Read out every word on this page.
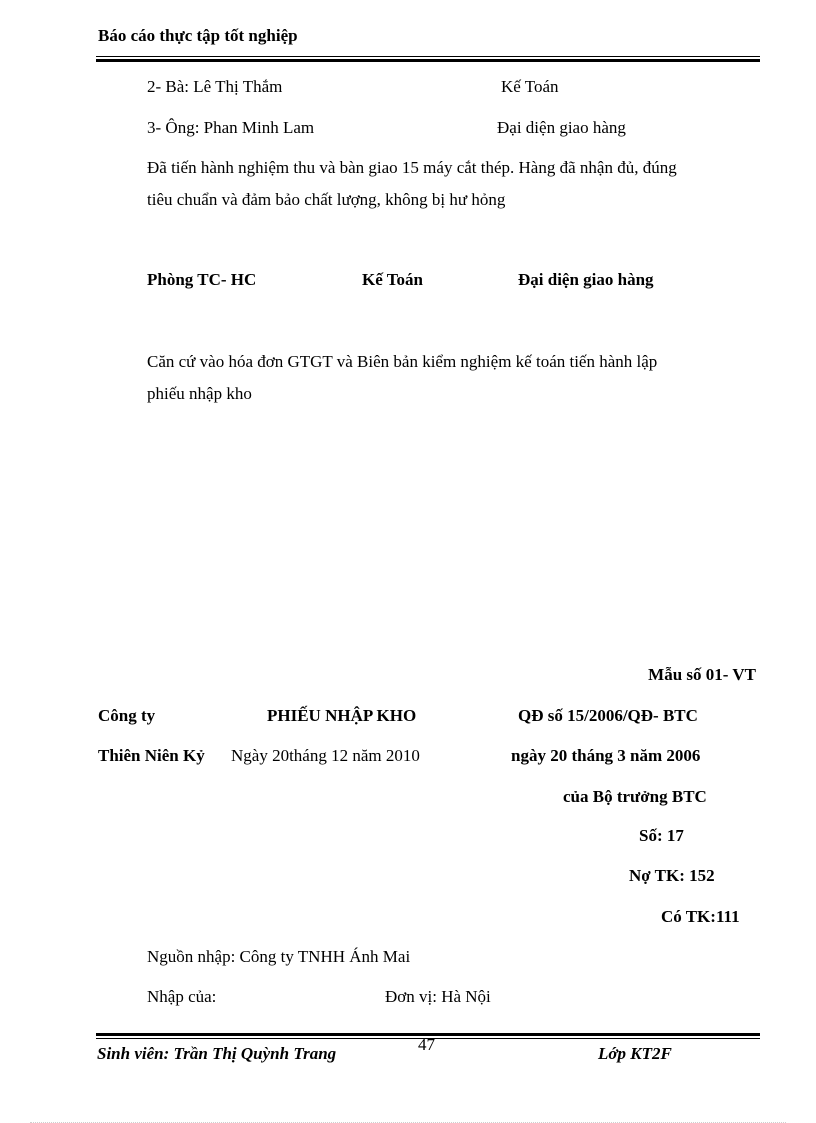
Báo cáo thực tập tốt nghiệp
2- Bà: Lê Thị Thắm	Kế Toán
3- Ông: Phan Minh Lam	Đại diện giao hàng
Đã tiến hành nghiệm thu và bàn giao 15 máy cắt thép. Hàng đã nhận đủ, đúng
tiêu chuẩn và đảm bảo chất lượng, không bị hư hỏng
Phòng TC- HC	Kế Toán	Đại diện giao hàng
Căn cứ vào hóa đơn GTGT và Biên bản kiểm nghiệm kế toán tiến hành lập
phiếu nhập kho
Mẫu số 01- VT
Công ty	PHIẾU NHẬP KHO	QĐ số 15/2006/QĐ- BTC
Thiên Niên Kỷ Ngày 20tháng 12 năm 2010	ngày 20 tháng 3 năm 2006
của Bộ trưởng BTC
Số: 17
Nợ TK: 152
Có TK:111
Nguồn nhập: Công ty TNHH Ánh Mai
Nhập của:	Đơn vị: Hà Nội
Sinh viên: Trần Thị Quỳnh Trang	47	Lớp KT2F
